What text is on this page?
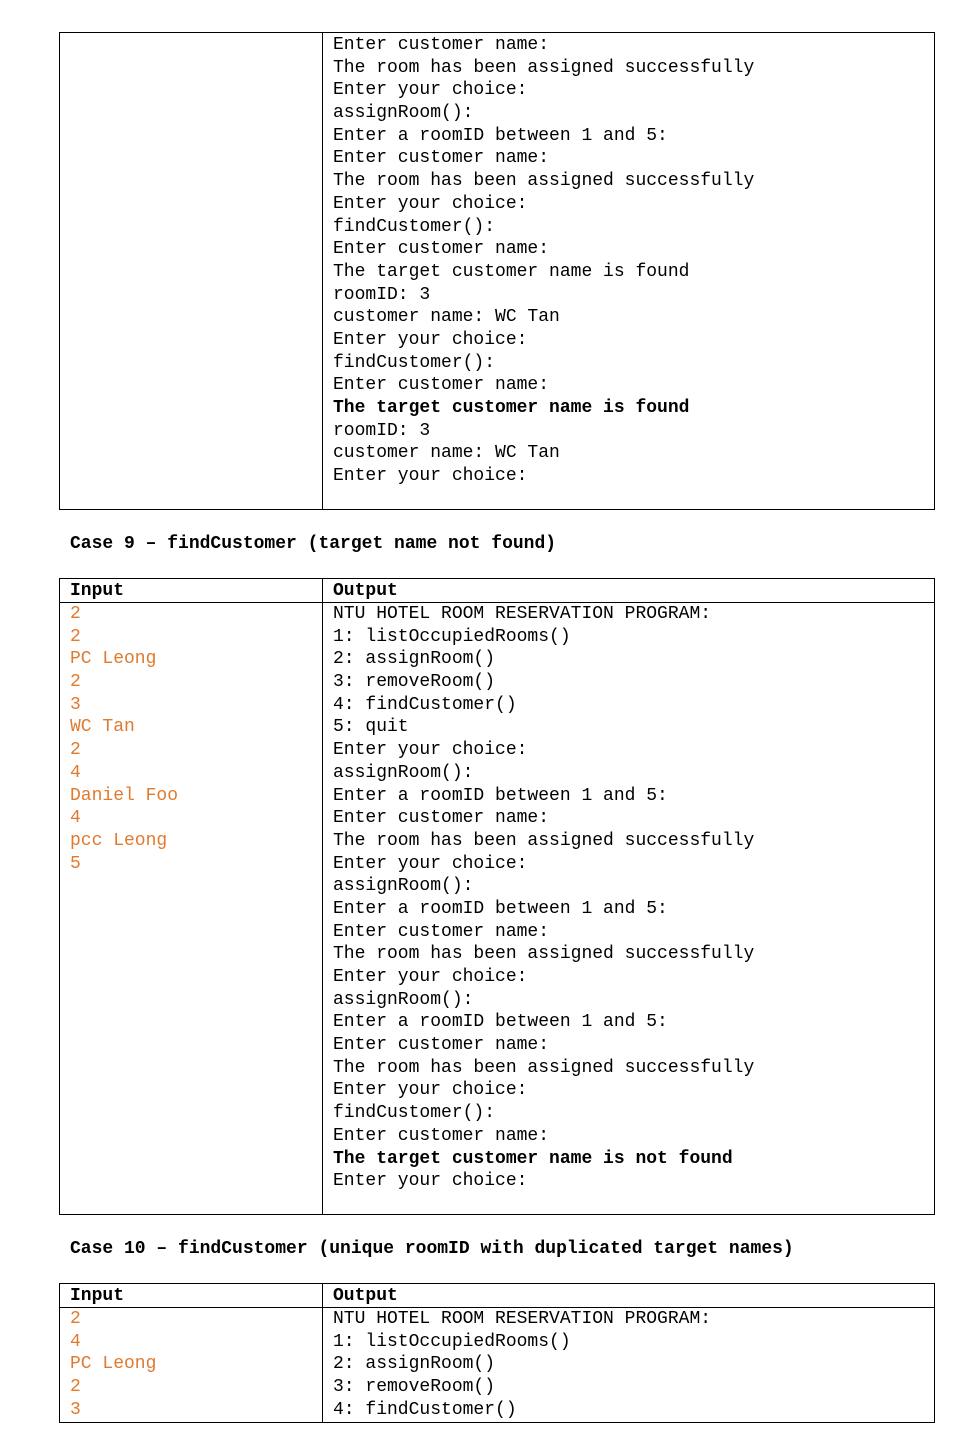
Enter customer name:
The room has been assigned successfully
Enter your choice:
assignRoom():
Enter a roomID between 1 and 5:
Enter customer name:
The room has been assigned successfully
Enter your choice:
findCustomer():
Enter customer name:
The target customer name is found
roomID: 3
customer name: WC Tan
Enter your choice:
findCustomer():
Enter customer name:
The target customer name is found
roomID: 3
customer name: WC Tan
Enter your choice:
Case 9 – findCustomer (target name not found)
Input
2
2
PC Leong
2
3
WC Tan
2
4
Daniel Foo
4
pcc Leong
5
Output
NTU HOTEL ROOM RESERVATION PROGRAM:
1: listOccupiedRooms()
2: assignRoom()
3: removeRoom()
4: findCustomer()
5: quit
Enter your choice:
assignRoom():
Enter a roomID between 1 and 5:
Enter customer name:
The room has been assigned successfully
Enter your choice:
assignRoom():
Enter a roomID between 1 and 5:
Enter customer name:
The room has been assigned successfully
Enter your choice:
assignRoom():
Enter a roomID between 1 and 5:
Enter customer name:
The room has been assigned successfully
Enter your choice:
findCustomer():
Enter customer name:
The target customer name is not found
Enter your choice:
Case 10 – findCustomer (unique roomID with duplicated target names)
Input
2
4
PC Leong
2
3
Output
NTU HOTEL ROOM RESERVATION PROGRAM:
1: listOccupiedRooms()
2: assignRoom()
3: removeRoom()
4: findCustomer()
